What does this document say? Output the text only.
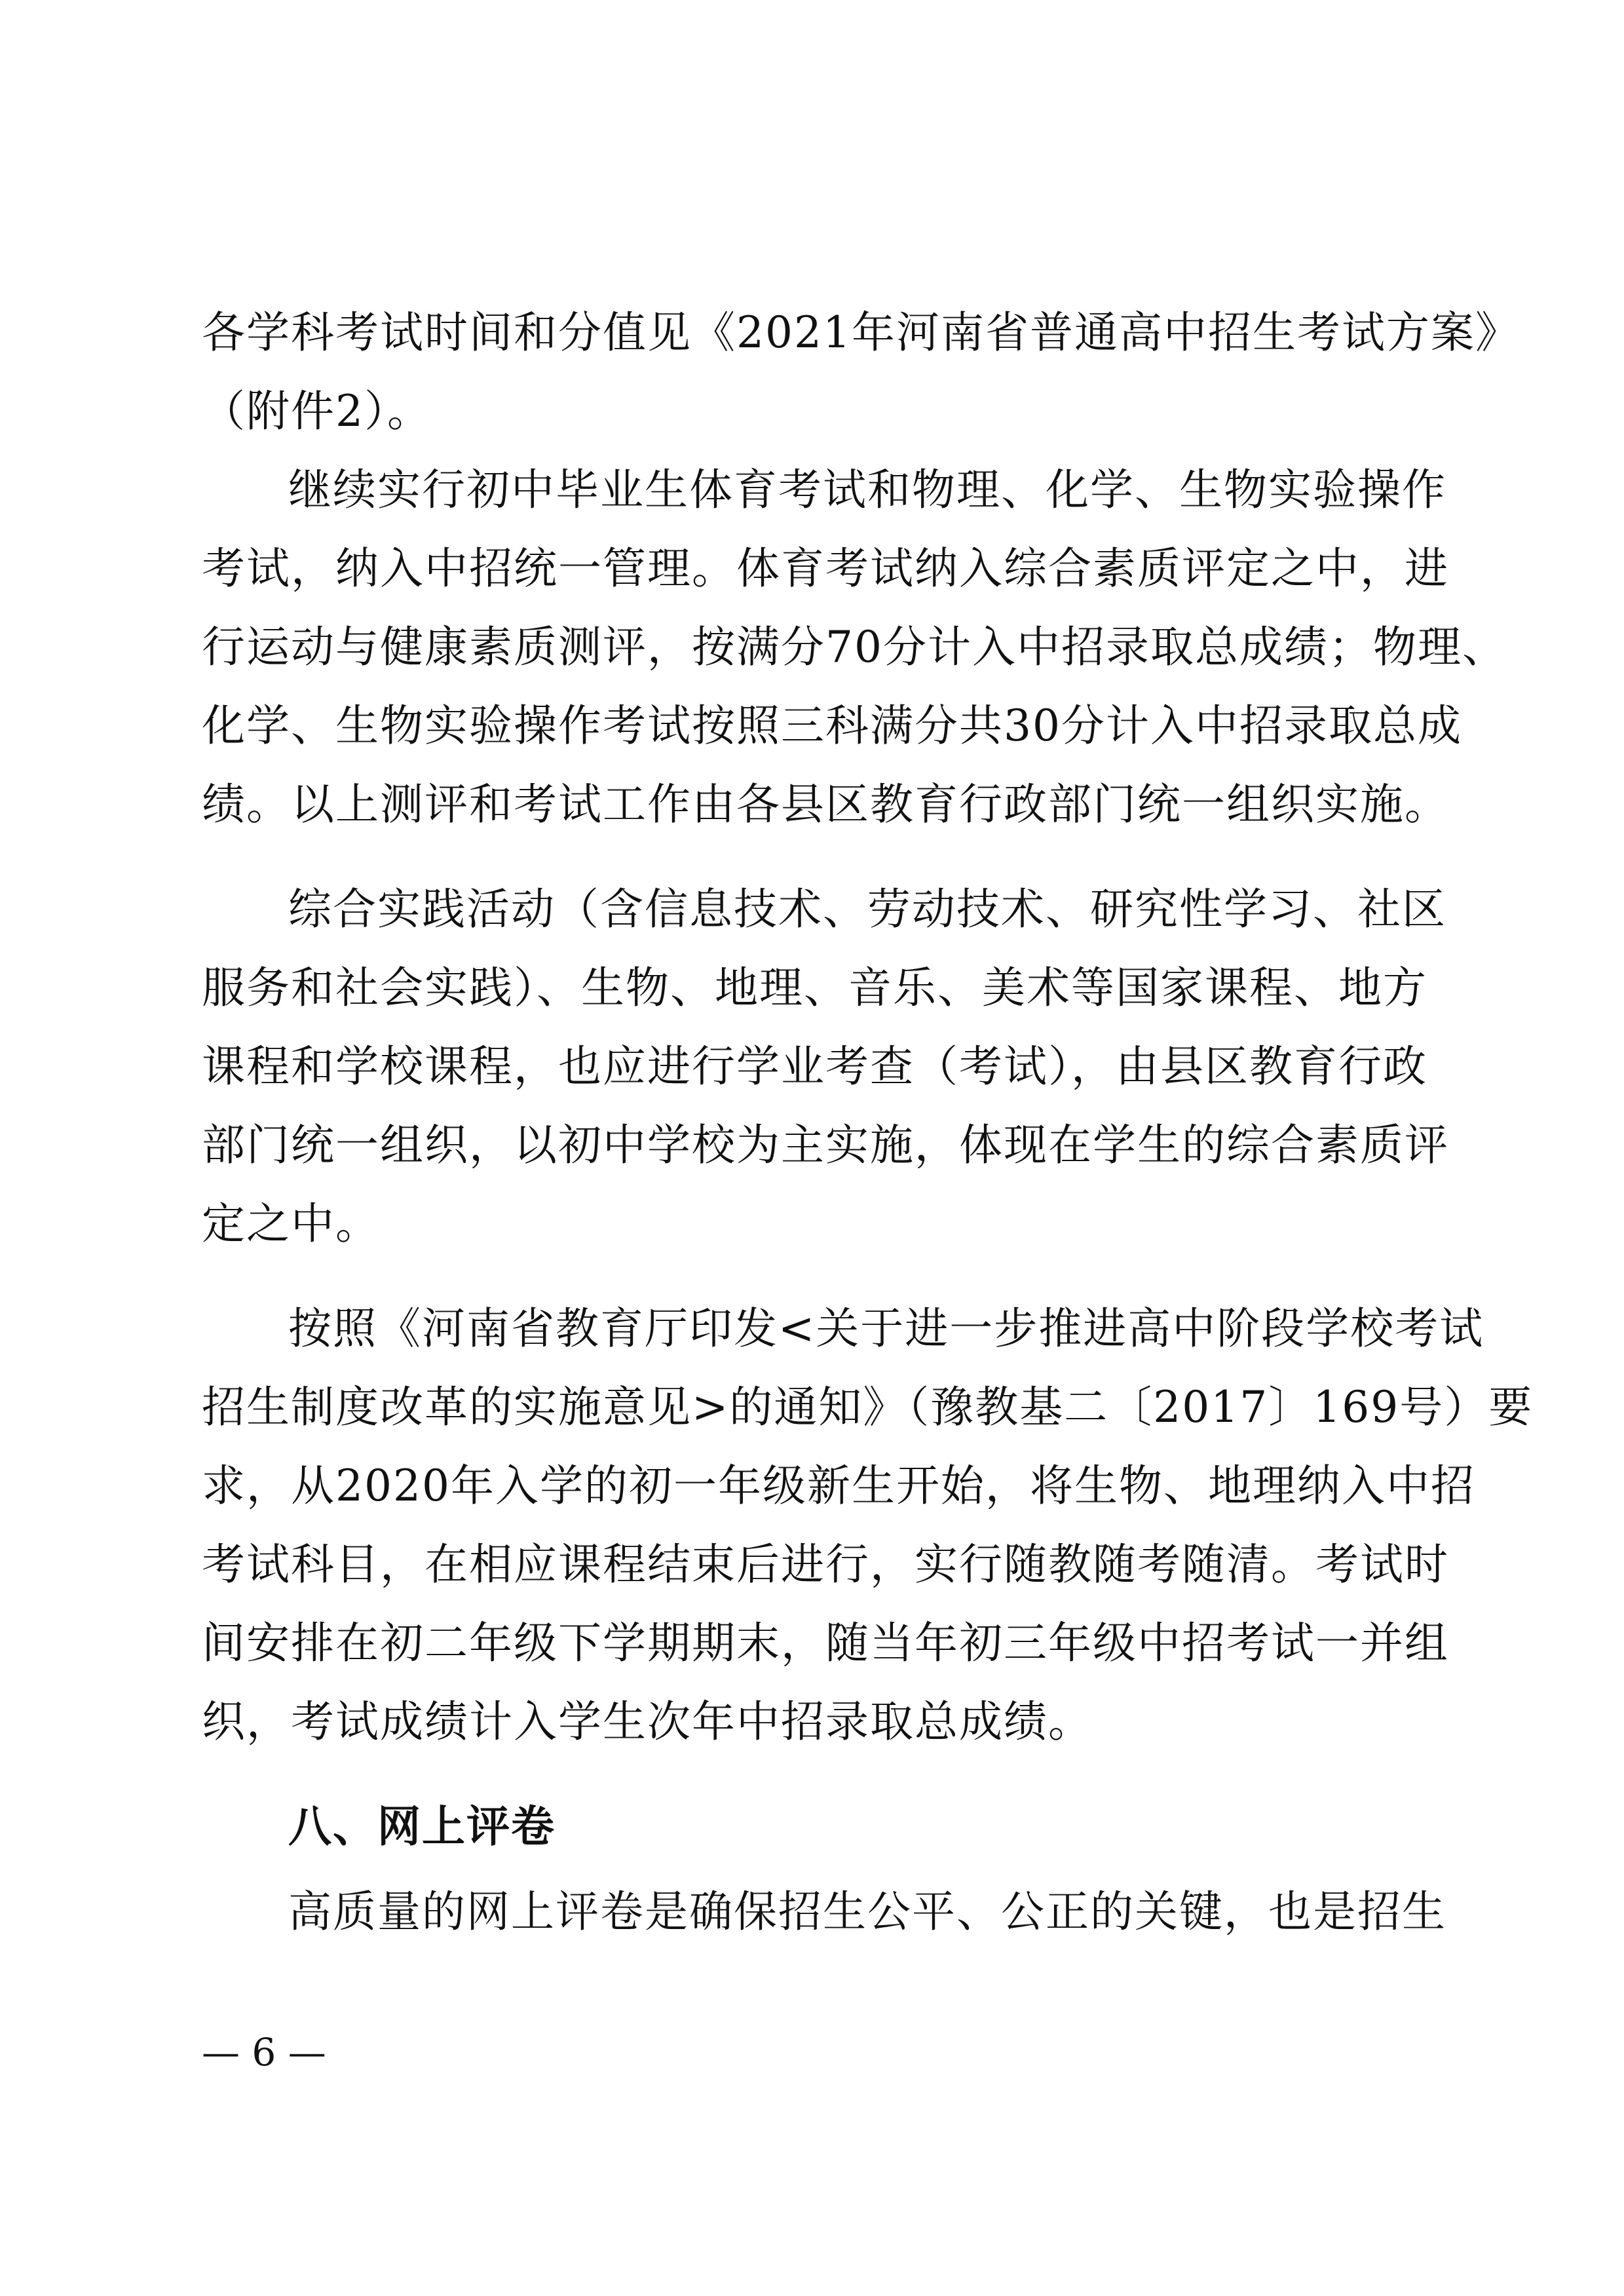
各学科考试时间和分值见《2021年河南省普通高中招生考试方案》
（附件2）。
继续实行初中毕业生体育考试和物理、化学、生物实验操作
考试，纳入中招统一管理。体育考试纳入综合素质评定之中，进
行运动与健康素质测评，按满分70分计入中招录取总成绩；物理、
化学、生物实验操作考试按照三科满分共30分计入中招录取总成
绩。以上测评和考试工作由各县区教育行政部门统一组织实施。
综合实践活动（含信息技术、劳动技术、研究性学习、社区
服务和社会实践）、生物、地理、音乐、美术等国家课程、地方
课程和学校课程，也应进行学业考查（考试），由县区教育行政
部门统一组织，以初中学校为主实施，体现在学生的综合素质评
定之中。
按照《河南省教育厅印发<关于进一步推进高中阶段学校考试
招生制度改革的实施意见>的通知》（豫教基二〔2017〕169号）要
求，从2020年入学的初一年级新生开始，将生物、地理纳入中招
考试科目，在相应课程结束后进行，实行随教随考随清。考试时
间安排在初二年级下学期期末，随当年初三年级中招考试一并组
织，考试成绩计入学生次年中招录取总成绩。
八、网上评卷
高质量的网上评卷是确保招生公平、公正的关键，也是招生
— 6 —
